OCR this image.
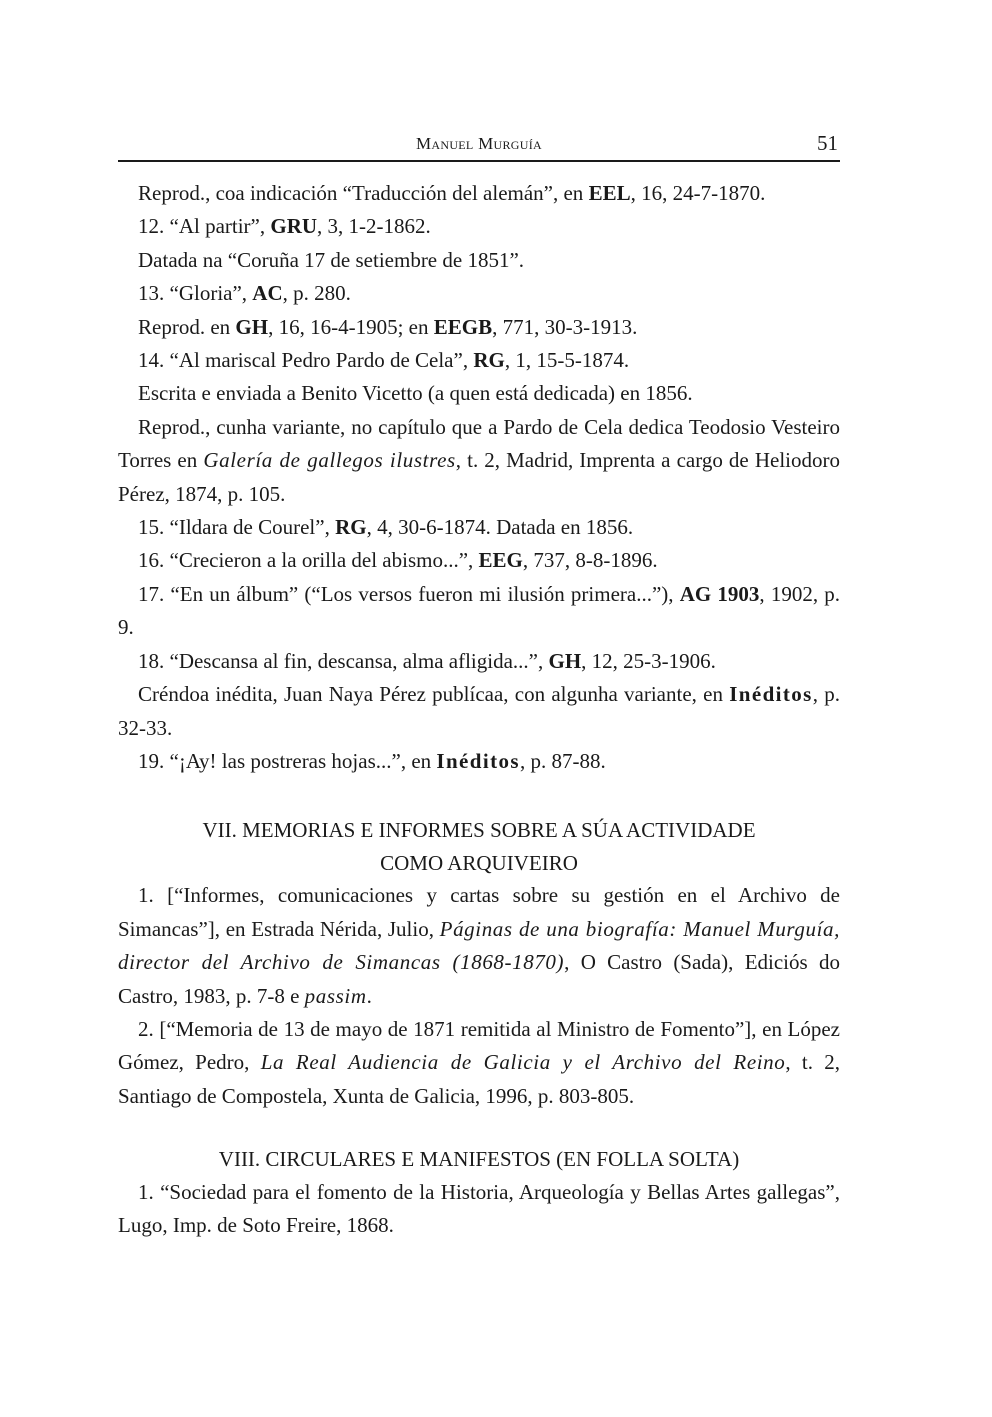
Manuel Murguía	51

Reprod., coa indicación “Traducción del alemán”, en EEL, 16, 24-7-1870.

12. “Al partir”, GRU, 3, 1-2-1862.

Datada na “Coruña 17 de setiembre de 1851”.

13. “Gloria”, AC, p. 280.

Reprod. en GH, 16, 16-4-1905; en EEGB, 771, 30-3-1913.

14. “Al mariscal Pedro Pardo de Cela”, RG, 1, 15-5-1874.

Escrita e enviada a Benito Vicetto (a quen está dedicada) en 1856.

Reprod., cunha variante, no capítulo que a Pardo de Cela dedica Teodosio Vesteiro Torres en Galería de gallegos ilustres, t. 2, Madrid, Imprenta a cargo de Heliodoro Pérez, 1874, p. 105.

15. “Ildara de Courel”, RG, 4, 30-6-1874. Datada en 1856.

16. “Crecieron a la orilla del abismo...”, EEG, 737, 8-8-1896.

17. “En un álbum” (“Los versos fueron mi ilusión primera...”), AG 1903, 1902, p. 9.

18. “Descansa al fin, descansa, alma afligida...”, GH, 12, 25-3-1906.

Créndoa inédita, Juan Naya Pérez publícaa, con algunha variante, en Inéditos, p. 32-33.

19. “¡Ay! las postreras hojas...”, en Inéditos, p. 87-88.

VII. MEMORIAS E INFORMES SOBRE A SÚA ACTIVIDADE

COMO ARQUIVEIRO

1. [“Informes, comunicaciones y cartas sobre su gestión en el Archivo de Simancas”], en Estrada Nérida, Julio, Páginas de una biografía: Manuel Murguía, director del Archivo de Simancas (1868-1870), O Castro (Sada), Ediciós do Castro, 1983, p. 7-8 e passim.

2. [“Memoria de 13 de mayo de 1871 remitida al Ministro de Fomento”], en López Gómez, Pedro, La Real Audiencia de Galicia y el Archivo del Reino, t. 2, Santiago de Compostela, Xunta de Galicia, 1996, p. 803-805.

VIII. CIRCULARES E MANIFESTOS (EN FOLLA SOLTA)

1. “Sociedad para el fomento de la Historia, Arqueología y Bellas Artes gallegas”, Lugo, Imp. de Soto Freire, 1868.
